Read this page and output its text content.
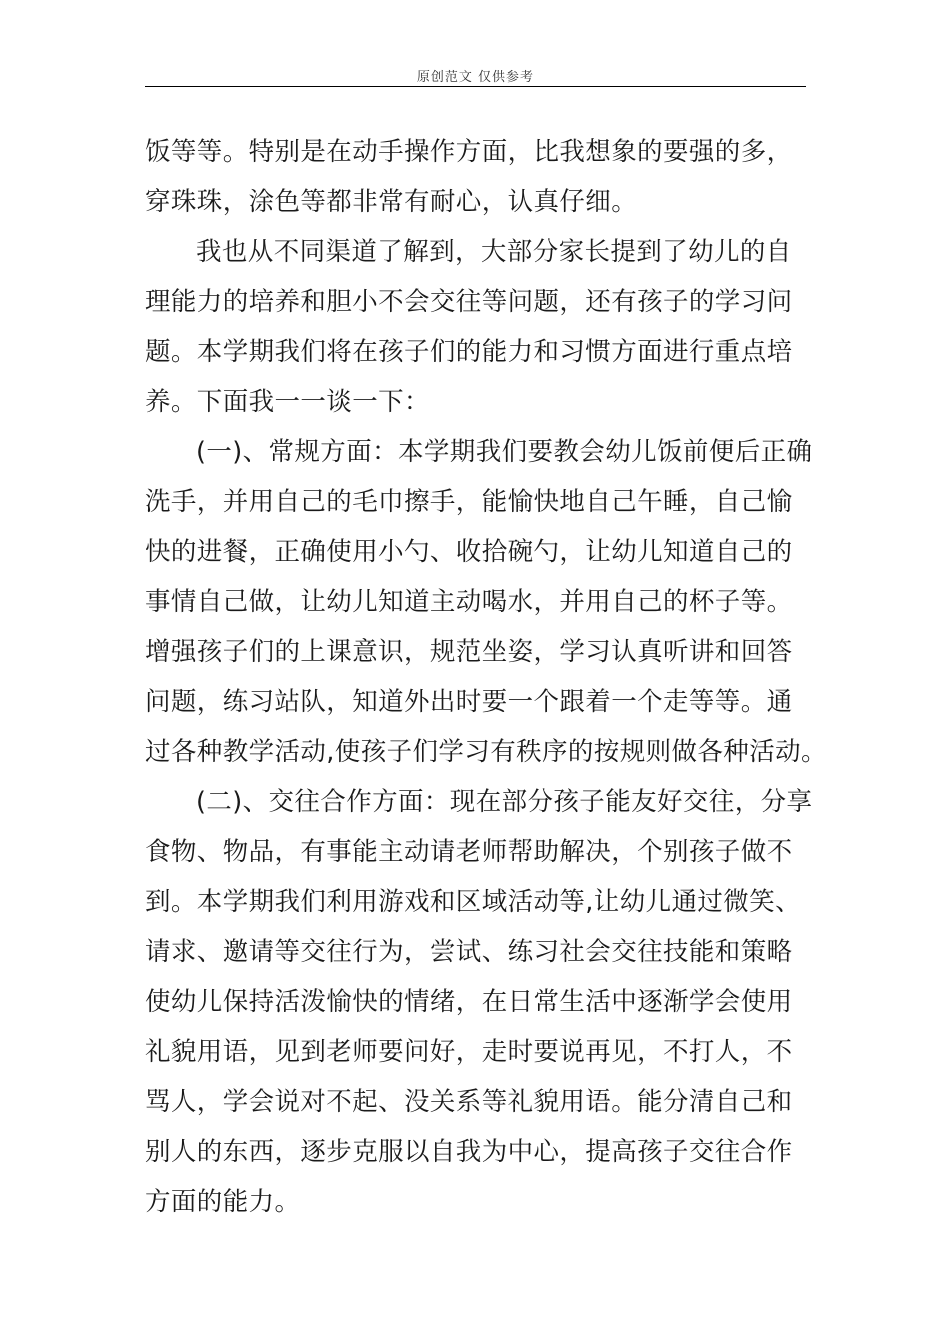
原创范文 仅供参考
饭等等。特别是在动手操作方面，比我想象的要强的多，
穿珠珠，涂色等都非常有耐心，认真仔细。
我也从不同渠道了解到，大部分家长提到了幼儿的自
理能力的培养和胆小不会交往等问题，还有孩子的学习问
题。本学期我们将在孩子们的能力和习惯方面进行重点培
养。下面我一一谈一下：
(一)、常规方面：本学期我们要教会幼儿饭前便后正确
洗手，并用自己的毛巾擦手，能愉快地自己午睡，自己愉
快的进餐，正确使用小勺、收拾碗勺，让幼儿知道自己的
事情自己做，让幼儿知道主动喝水，并用自己的杯子等。
增强孩子们的上课意识，规范坐姿，学习认真听讲和回答
问题，练习站队，知道外出时要一个跟着一个走等等。通
过各种教学活动,使孩子们学习有秩序的按规则做各种活动。
(二)、交往合作方面：现在部分孩子能友好交往，分享
食物、物品，有事能主动请老师帮助解决，个别孩子做不
到。本学期我们利用游戏和区域活动等,让幼儿通过微笑、
请求、邀请等交往行为，尝试、练习社会交往技能和策略
使幼儿保持活泼愉快的情绪，在日常生活中逐渐学会使用
礼貌用语，见到老师要问好，走时要说再见，不打人，不
骂人，学会说对不起、没关系等礼貌用语。能分清自己和
别人的东西，逐步克服以自我为中心，提高孩子交往合作
方面的能力。
